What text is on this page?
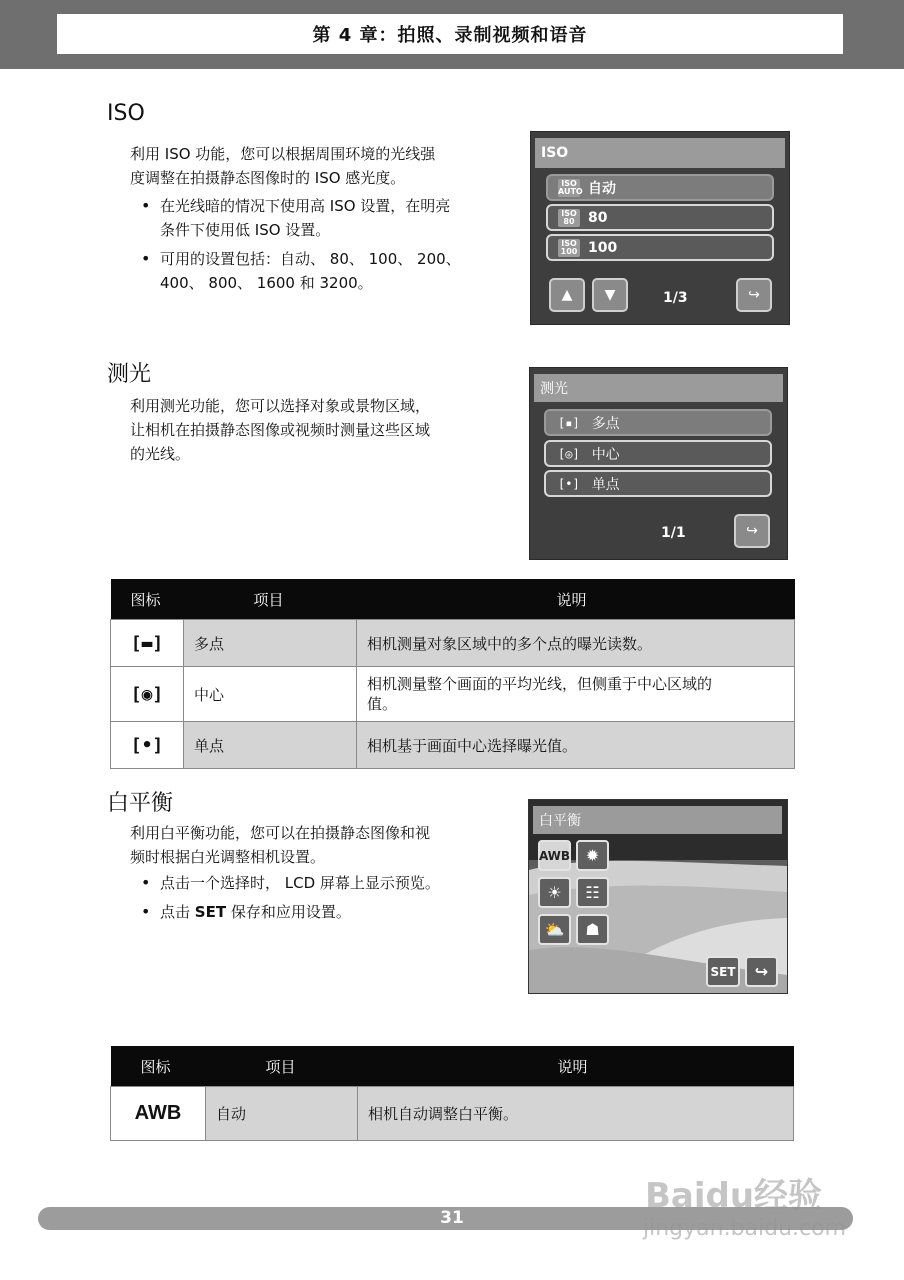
第 4 章：拍照、录制视频和语音
ISO
利用 ISO 功能，您可以根据周围环境的光线强
度调整在拍摄静态图像时的 ISO 感光度。
• 在光线暗的情况下使用高 ISO 设置，在明亮
条件下使用低 ISO 设置。
• 可用的设置包括：自动、 80、 100、 200、
400、 800、 1600 和 3200。
ISO
ISO
AUTO 自动
ISO
80 80
ISO
100 100
▲ ▼	1/3	↪
测光
利用测光功能，您可以选择对象或景物区域，
让相机在拍摄静态图像或视频时测量这些区域
的光线。
测光
[▪] 多点
[◎] 中心
[•] 单点
1/1	↪
图标	项目	说明
[▬]	多点	相机测量对象区域中的多个点的曝光读数。
[◉]	中心	相机测量整个画面的平均光线，但侧重于中心区域的
值。

[•]	单点	相机基于画面中心选择曝光值。
白平衡
利用白平衡功能，您可以在拍摄静态图像和视
频时根据白光调整相机设置。
• 点击一个选择时， LCD 屏幕上显示预览。
• 点击 SET 保存和应用设置。
白平衡
AWB ✹
☀ ☷
⛅ ☗
SET ↪
图标	项目	说明
AWB	自动	相机自动调整白平衡。
31
Baidu经验
jingyan.baidu.com
